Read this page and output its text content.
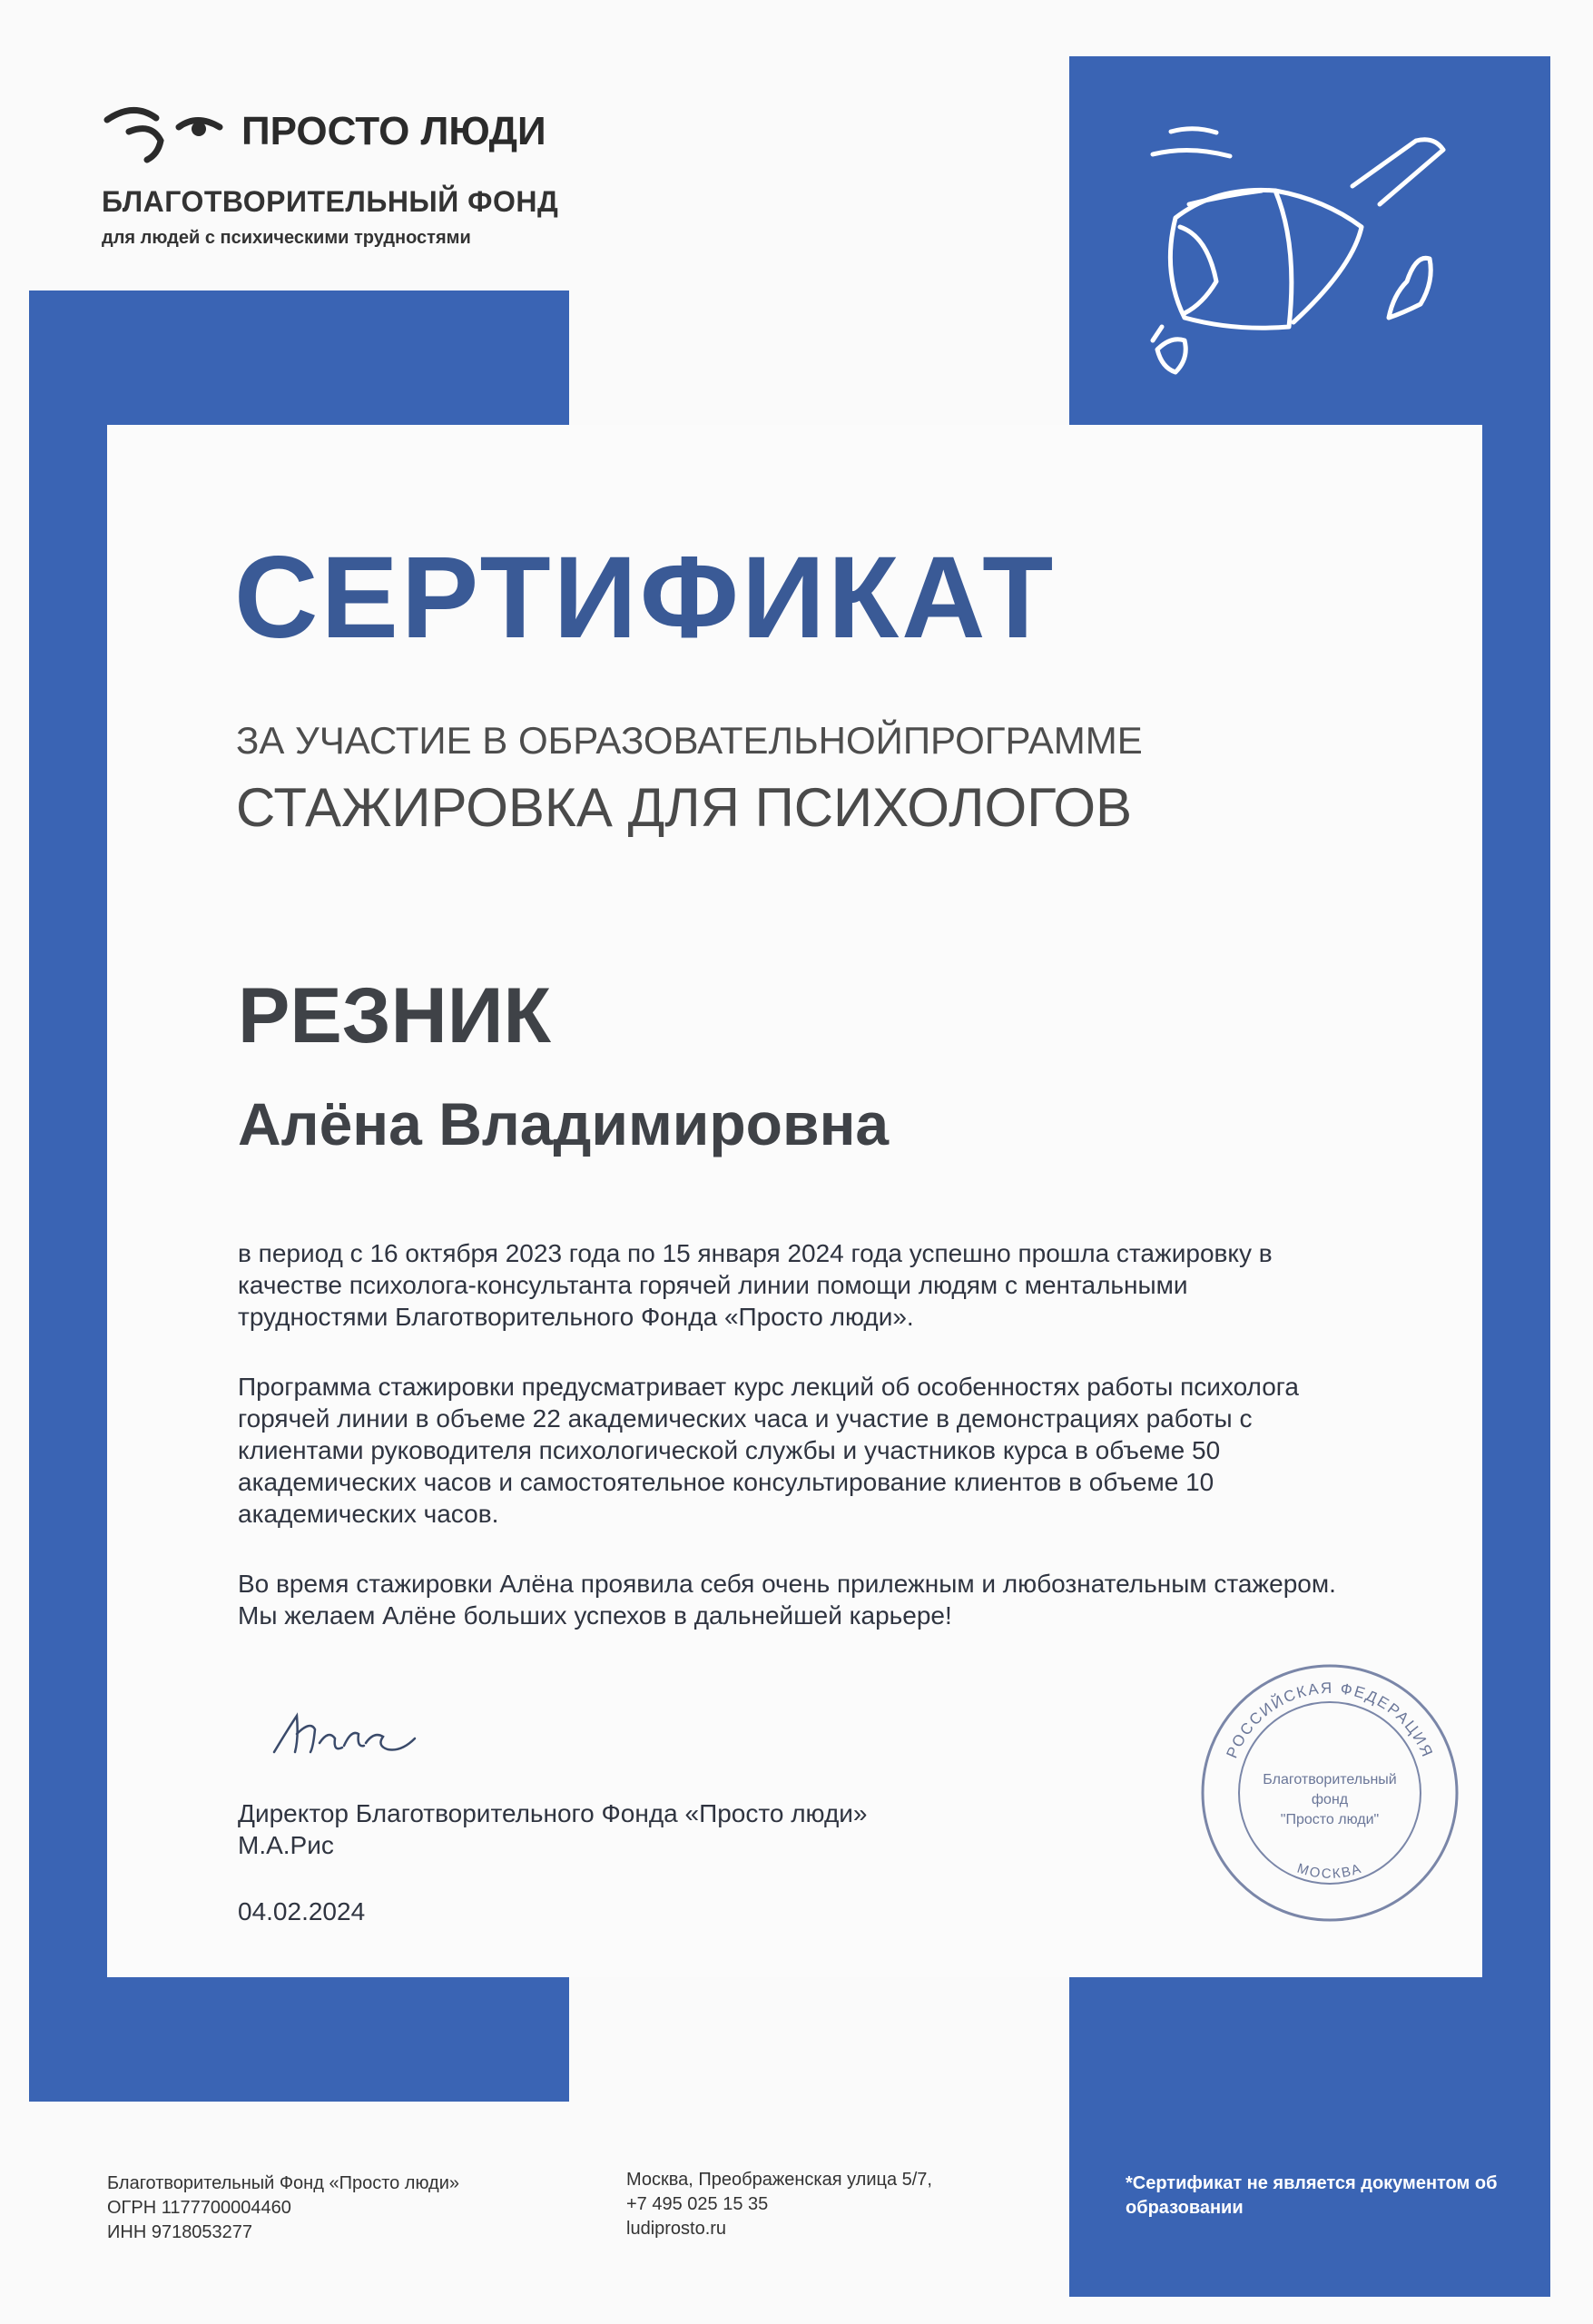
ПРОСТО ЛЮДИ
БЛАГОТВОРИТЕЛЬНЫЙ ФОНД
для людей с психическими трудностями
СЕРТИФИКАТ
ЗА УЧАСТИЕ В ОБРАЗОВАТЕЛЬНОЙПРОГРАММЕ
СТАЖИРОВКА ДЛЯ ПСИХОЛОГОВ
РЕЗНИК
Алёна Владимировна

в период с 16 октября 2023 года по 15 января 2024 года успешно прошла стажировку в

качестве психолога-консультанта горячей линии помощи людям с ментальными

трудностями Благотворительного Фонда «Просто люди».

Программа стажировки предусматривает курс лекций об особенностях работы психолога

горячей линии в объеме 22 академических часа и участие в демонстрациях работы с

клиентами руководителя психологической службы и участников курса в объеме 50

академических часов и самостоятельное консультирование клиентов в объеме 10

академических часов.

Во время стажировки Алёна проявила себя очень прилежным и любознательным стажером.

Мы желаем Алёне больших успехов в дальнейшей карьере!

Директор Благотворительного Фонда «Просто люди»
М.А.Рис
04.02.2024
РОССИЙСКАЯ ФЕДЕРАЦИЯ
МОСКВА
Благотворительный
фонд
"Просто люди"
Благотворительный Фонд «Просто люди»
ОГРН 1177700004460
ИНН 9718053277
Москва, Преображенская улица 5/7,
+7 495 025 15 35
ludiprosto.ru
*Сертификат не является документом об образовании
